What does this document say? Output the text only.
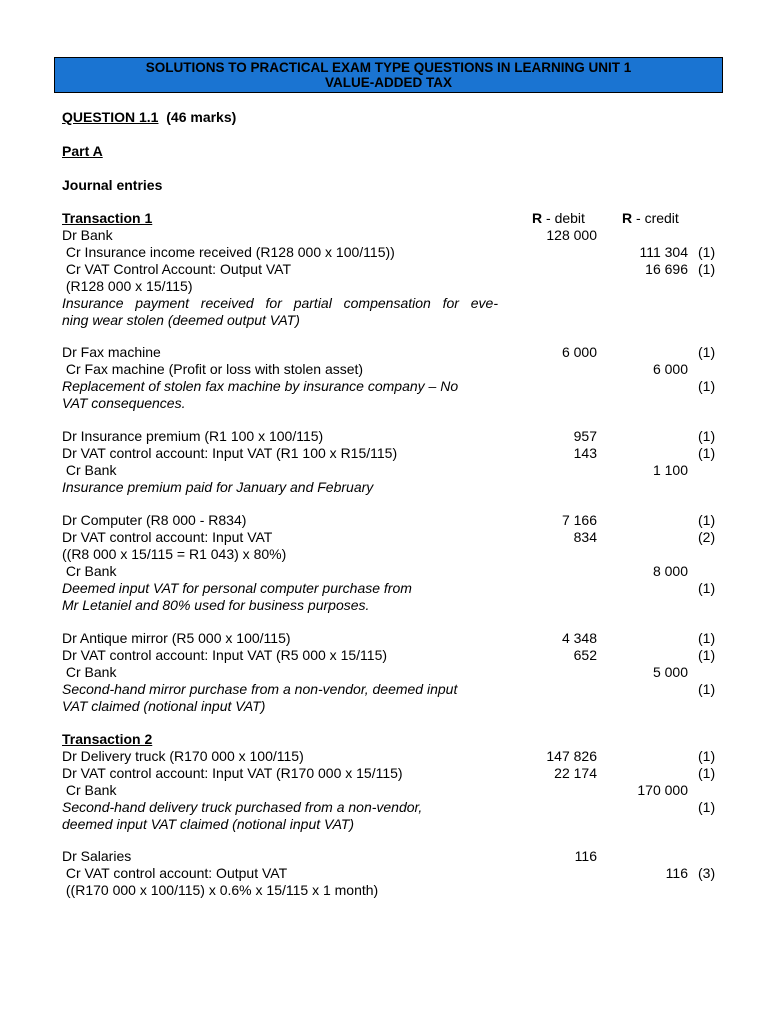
SOLUTIONS TO PRACTICAL EXAM TYPE QUESTIONS IN LEARNING UNIT 1
VALUE-ADDED TAX
QUESTION 1.1 (46 marks)
Part A
Journal entries
Transaction 1	R - debit	R - credit
Transaction 2
Dr Bank	128 000
Cr Insurance income received (R128 000 x 100/115))	111 304 (1)
Cr VAT Control Account: Output VAT	16 696 (1)
(R128 000 x 15/115)
Insurance payment received for partial compensation for eve-
ning wear stolen (deemed output VAT)
Dr Fax machine	6 000	(1)
Cr Fax machine (Profit or loss with stolen asset)	6 000
Replacement of stolen fax machine by insurance company – No	(1)
VAT consequences.
Dr Insurance premium (R1 100 x 100/115)	957	(1)
Dr VAT control account: Input VAT (R1 100 x R15/115)	143	(1)
Cr Bank	1 100
Insurance premium paid for January and February
Dr Computer (R8 000 - R834)	7 166	(1)
Dr VAT control account: Input VAT	834	(2)
((R8 000 x 15/115 = R1 043) x 80%)
Cr Bank	8 000
Deemed input VAT for personal computer purchase from	(1)
Mr Letaniel and 80% used for business purposes.
Dr Antique mirror (R5 000 x 100/115)	4 348	(1)
Dr VAT control account: Input VAT (R5 000 x 15/115)	652	(1)
Cr Bank	5 000
Second-hand mirror purchase from a non-vendor, deemed input	(1)
VAT claimed (notional input VAT)
Dr Delivery truck (R170 000 x 100/115)	147 826	(1)
Dr VAT control account: Input VAT (R170 000 x 15/115)	22 174	(1)
Cr Bank	170 000
Second-hand delivery truck purchased from a non-vendor,	(1)
deemed input VAT claimed (notional input VAT)
Dr Salaries	116
Cr VAT control account: Output VAT	116 (3)
((R170 000 x 100/115) x 0.6% x 15/115 x 1 month)
